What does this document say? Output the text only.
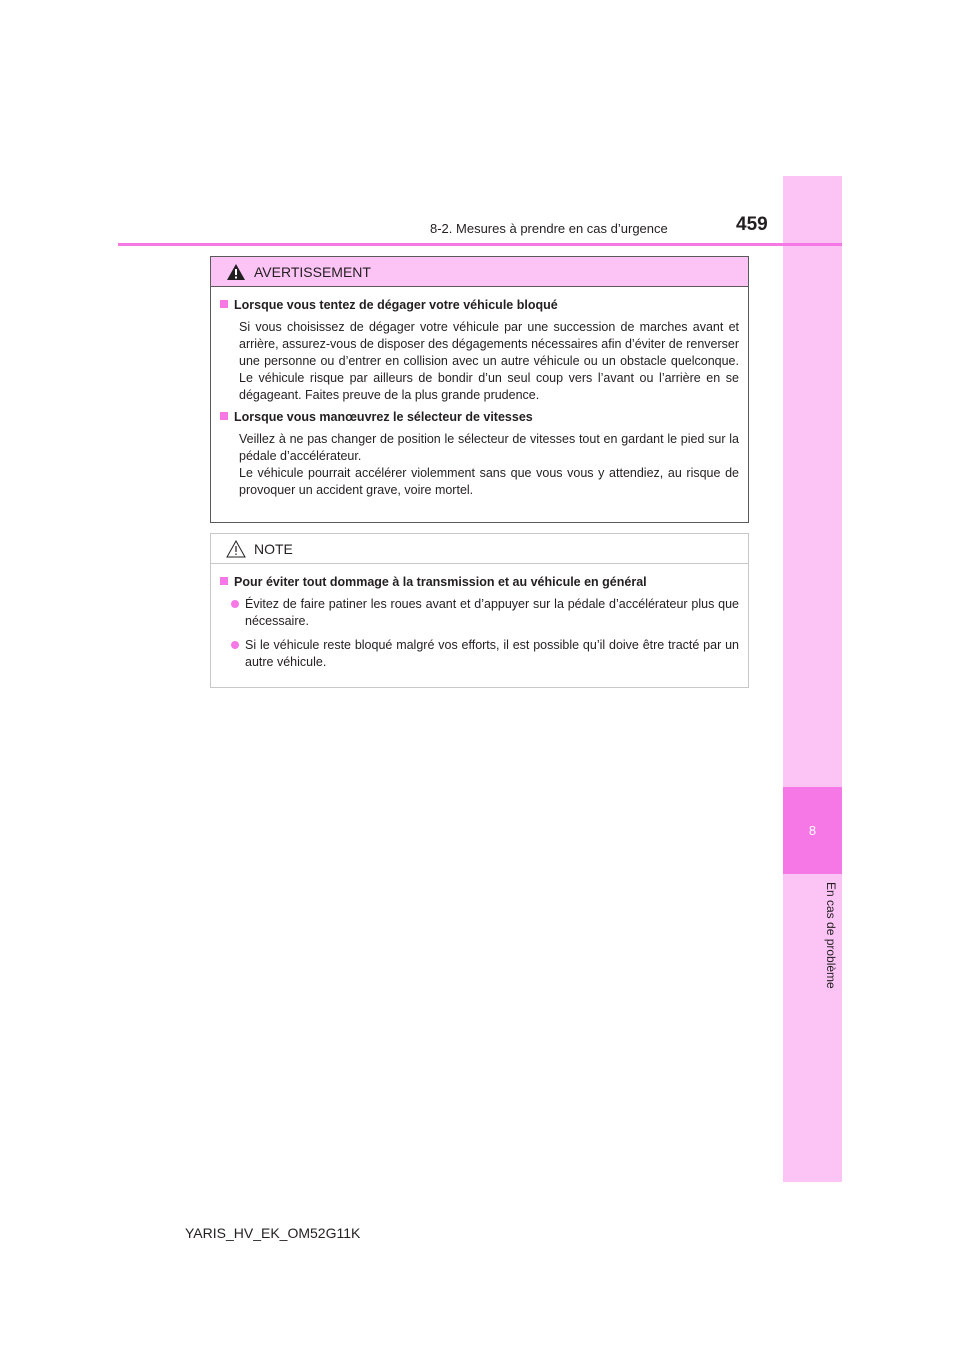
8
En cas de problème
8-2. Mesures à prendre en cas d’urgence	459
AVERTISSEMENT
Lorsque vous tentez de dégager votre véhicule bloqué
Si vous choisissez de dégager votre véhicule par une succession de marches avant et arrière, assurez-vous de disposer des dégagements nécessaires afin d’éviter de renverser une personne ou d’entrer en collision avec un autre véhicule ou un obstacle quelconque. Le véhicule risque par ailleurs de bondir d’un seul coup vers l’avant ou l’arrière en se dégageant. Faites preuve de la plus grande prudence.
Lorsque vous manœuvrez le sélecteur de vitesses
Veillez à ne pas changer de position le sélecteur de vitesses tout en gardant le pied sur la pédale d’accélérateur.
Le véhicule pourrait accélérer violemment sans que vous vous y attendiez, au risque de provoquer un accident grave, voire mortel.
NOTE
Pour éviter tout dommage à la transmission et au véhicule en général
Évitez de faire patiner les roues avant et d’appuyer sur la pédale d’accélérateur plus que nécessaire.
Si le véhicule reste bloqué malgré vos efforts, il est possible qu’il doive être tracté par un autre véhicule.
YARIS_HV_EK_OM52G11K
